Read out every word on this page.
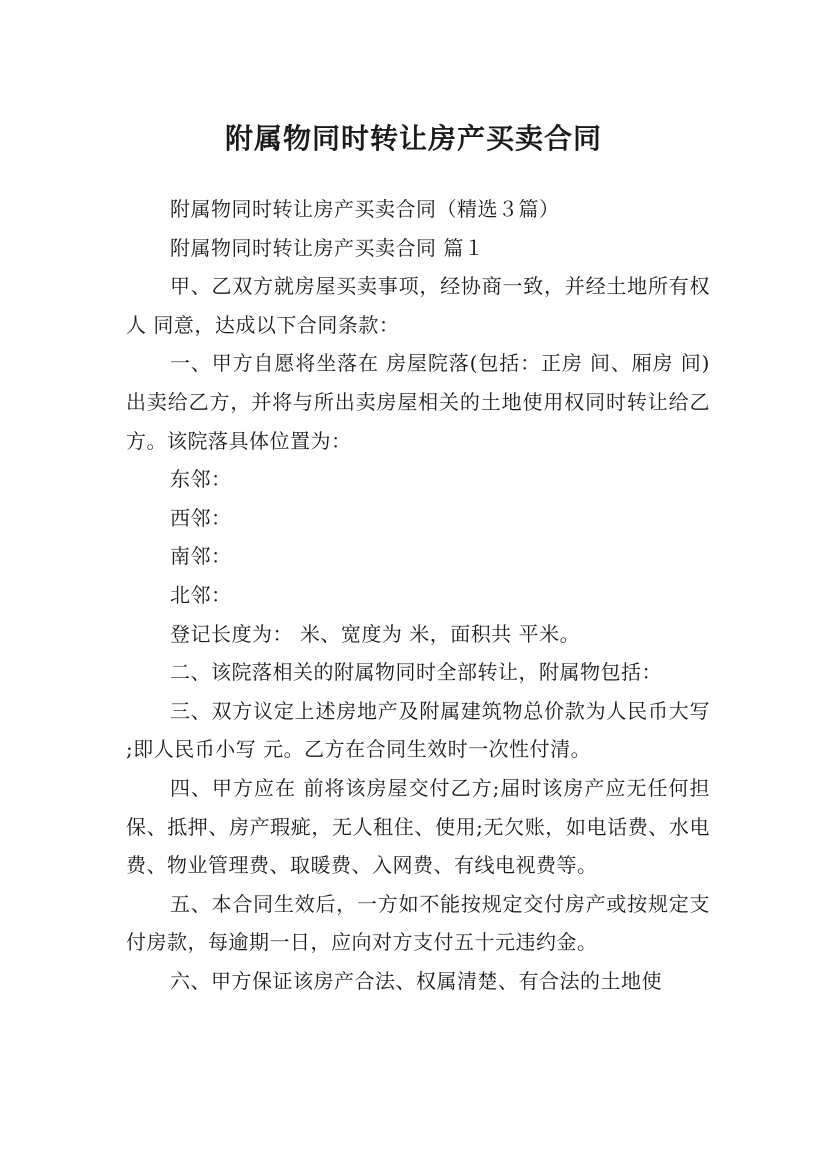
附属物同时转让房产买卖合同

附属物同时转让房产买卖合同（精选３篇）

附属物同时转让房产买卖合同 篇１

甲、乙双方就房屋买卖事项，经协商一致，并经土地所有权人 同意，达成以下合同条款：

一、甲方自愿将坐落在 房屋院落(包括：正房 间、厢房 间)出卖给乙方，并将与所出卖房屋相关的土地使用权同时转让给乙方。该院落具体位置为：

东邻：

西邻：

南邻：

北邻：

登记长度为： 米、宽度为 米，面积共 平米。

二、该院落相关的附属物同时全部转让，附属物包括：

三、双方议定上述房地产及附属建筑物总价款为人民币大写 ;即人民币小写 元。乙方在合同生效时一次性付清。

四、甲方应在 前将该房屋交付乙方;届时该房产应无任何担保、抵押、房产瑕疵，无人租住、使用;无欠账，如电话费、水电费、物业管理费、取暖费、入网费、有线电视费等。

五、本合同生效后，一方如不能按规定交付房产或按规定支付房款，每逾期一日，应向对方支付五十元违约金。

六、甲方保证该房产合法、权属清楚、有合法的土地使
